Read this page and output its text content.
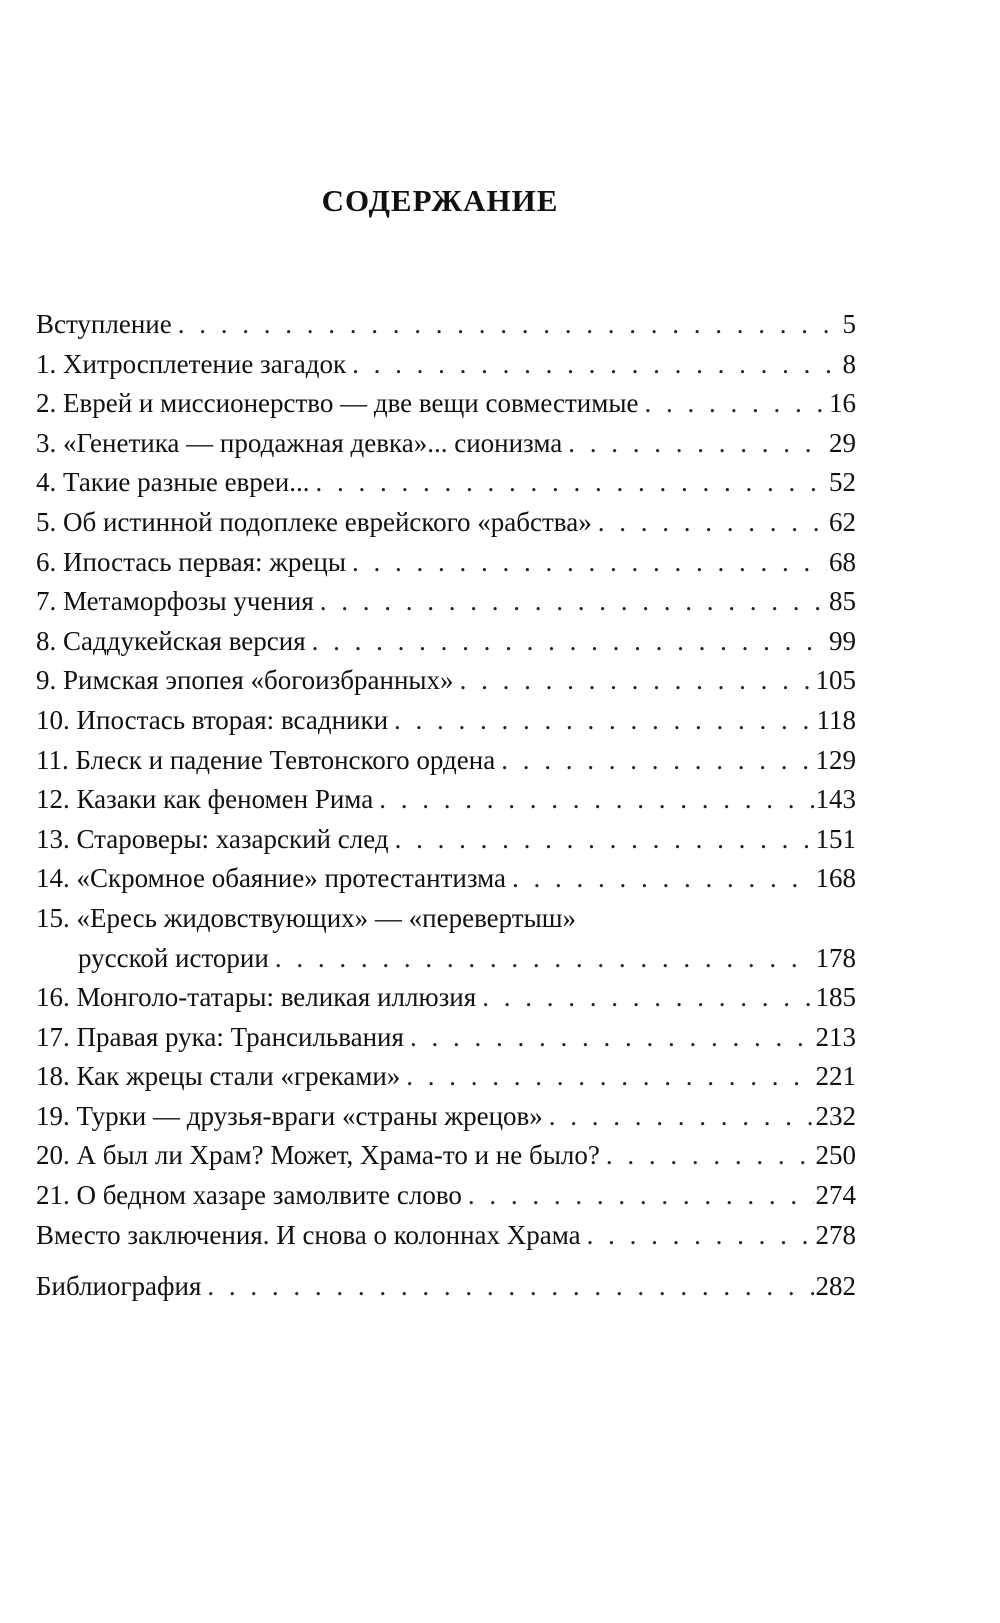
СОДЕРЖАНИЕ
Вступление . . .	5
1. Хитросплетение загадок . . .	8
2. Еврей и миссионерство — две вещи совместимые . . .	16
3. «Генетика — продажная девка»... сионизма . . .	29
4. Такие разные евреи... . . .	52
5. Об истинной подоплеке еврейского «рабства» . . .	62
6. Ипостась первая: жрецы . . .	68
7. Метаморфозы учения . . .	85
8. Саддукейская версия . . .	99
9. Римская эпопея «богоизбранных» . . .	105
10. Ипостась вторая: всадники . . .	118
11. Блеск и падение Тевтонского ордена . . .	129
12. Казаки как феномен Рима . . .	143
13. Староверы: хазарский след . . .	151
14. «Скромное обаяние» протестантизма . . .	168
15. «Ересь жидовствующих» — «перевертыш»
русской истории . . .	178
16. Монголо-татары: великая иллюзия . . .	185
17. Правая рука: Трансильвания . . .	213
18. Как жрецы стали «греками» . . .	221
19. Турки — друзья-враги «страны жрецов» . . .	232
20. А был ли Храм? Может, Храма-то и не было? . . .	250
21. О бедном хазаре замолвите слово . . .	274
Вместо заключения. И снова о колоннах Храма . . .	278
Библиография . . .	282
